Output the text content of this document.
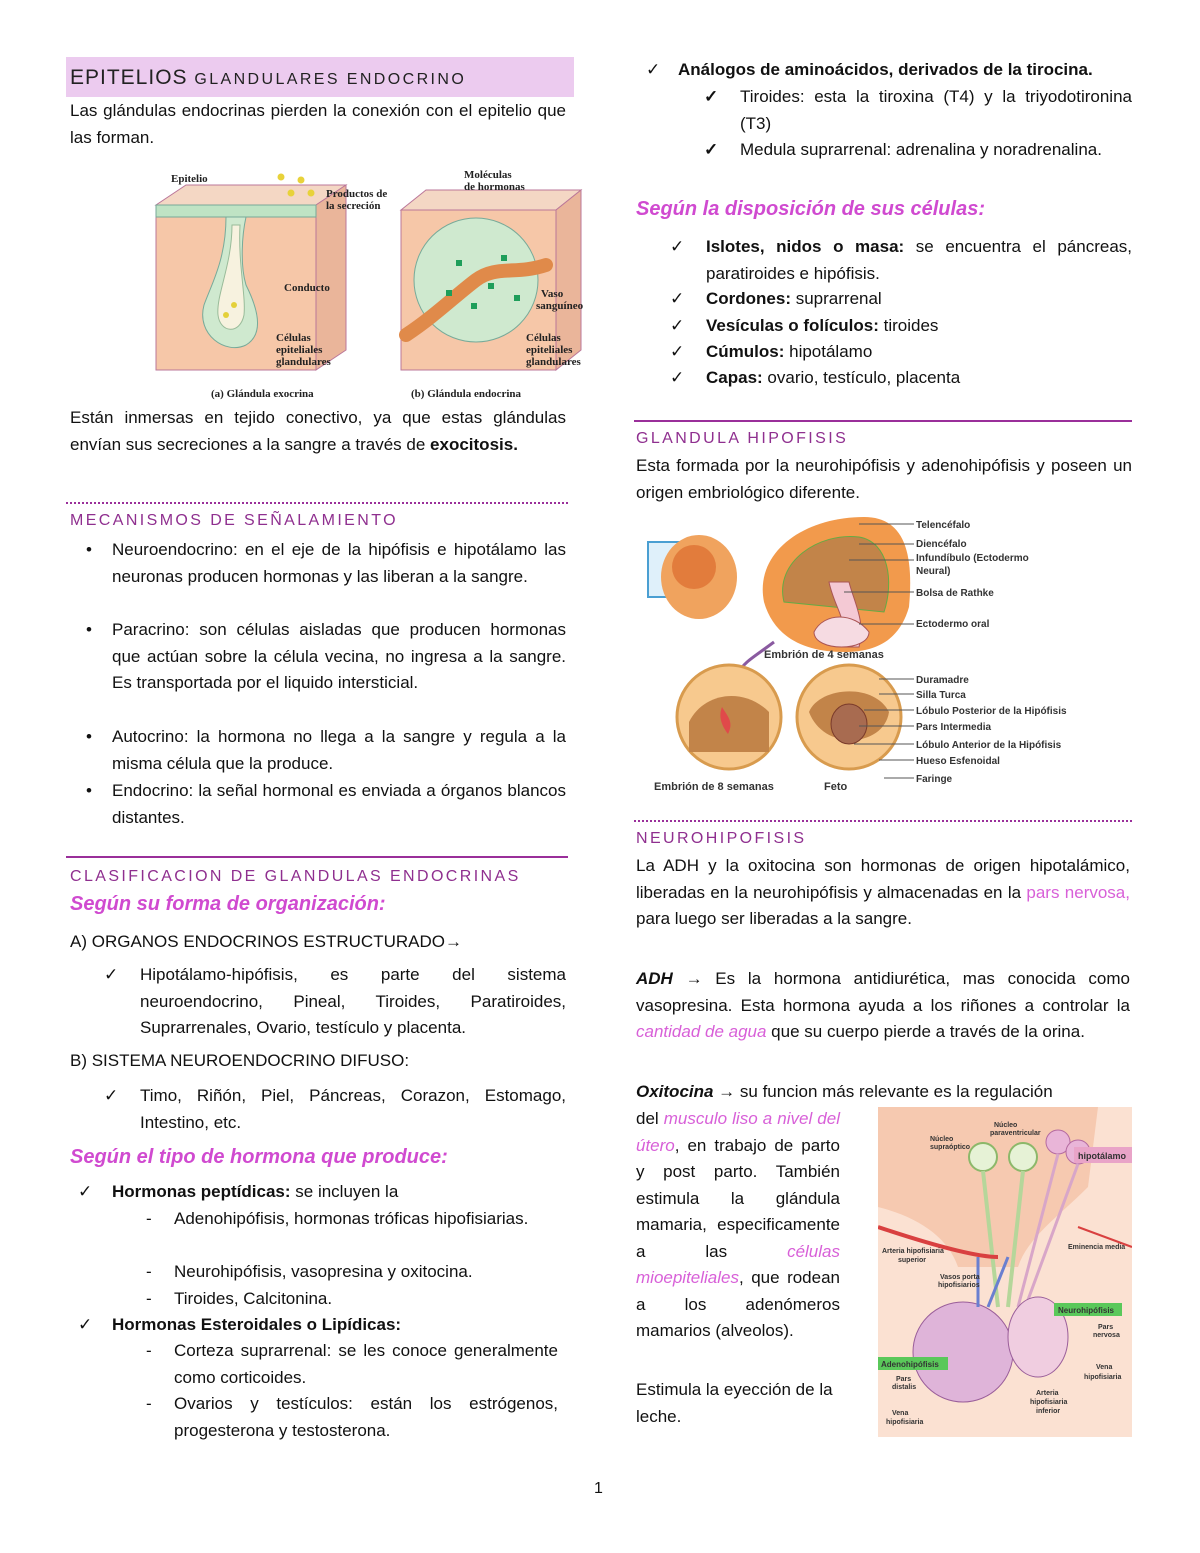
EPITELIOS GLANDULARES ENDOCRINO

Las glándulas endocrinas pierden la conexión con el epitelio que las forman.

Epitelio
Productos de
la secreción
Conducto
Células
epiteliales
glandulares
Moléculas
de hormonas
Vaso
sanguíneo
Células
epiteliales
glandulares
(a) Glándula exocrina	(b) Glándula endocrina

Están inmersas en tejido conectivo, ya que estas glándulas envían sus secreciones a la sangre a través de exocitosis.

MECANISMOS DE SEÑALAMIENTO
• Neuroendocrino: en el eje de la hipófisis e hipotálamo las neuronas producen hormonas y las liberan a la sangre.

• Paracrino: son células aisladas que producen hormonas que actúan sobre la célula vecina, no ingresa a la sangre. Es transportada por el liquido intersticial.

• Autocrino: la hormona no llega a la sangre y regula a la misma célula que la produce.

• Endocrino: la señal hormonal es enviada a órganos blancos distantes.

CLASIFICACION DE GLANDULAS ENDOCRINAS
Según su forma de organización:

A) ORGANOS ENDOCRINOS ESTRUCTURADO→

✓ Hipotálamo-hipófisis, es parte del sistema neuroendocrino, Pineal, Tiroides, Paratiroides, Suprarrenales, Ovario, testículo y placenta.

B) SISTEMA NEUROENDOCRINO DIFUSO:

✓ Timo, Riñón, Piel, Páncreas, Corazon, Estomago, Intestino, etc.

Según el tipo de hormona que produce:
✓ Hormonas peptídicas: se incluyen la

- Adenohipófisis, hormonas tróficas hipofisiarias.

- Neurohipófisis, vasopresina y oxitocina.

- Tiroides, Calcitonina.

✓ Hormonas Esteroidales o Lipídicas:

- Corteza suprarrenal: se les conoce generalmente como corticoides.

- Ovarios y testículos: están los estrógenos, progesterona y testosterona.

✓ Análogos de aminoácidos, derivados de la tirocina.

✓ Tiroides: esta la tiroxina (T4) y la triyodotironina (T3)

✓ Medula suprarrenal: adrenalina y noradrenalina.

Según la disposición de sus células:
✓ Islotes, nidos o masa: se encuentra el páncreas, paratiroides e hipófisis.

✓ Cordones: suprarrenal

✓ Vesículas o folículos: tiroides

✓ Cúmulos: hipotálamo

✓ Capas: ovario, testículo, placenta

GLANDULA HIPOFISIS

Esta formada por la neurohipófisis y adenohipófisis y poseen un origen embriológico diferente.

Telencéfalo
Diencéfalo
Infundíbulo (Ectodermo
Neural)
Bolsa de Rathke
Ectodermo oral
Embrión de 4 semanas
Duramadre
Silla Turca
Lóbulo Posterior de la Hipófisis
Pars Intermedia
Lóbulo Anterior de la Hipófisis
Hueso Esfenoidal
Faringe
Embrión de 8 semanas	Feto
NEUROHIPOFISIS

La ADH y la oxitocina son hormonas de origen hipotalámico, liberadas en la neurohipófisis y almacenadas en la pars nervosa, para luego ser liberadas a la sangre.

ADH → Es la hormona antidiurética, mas conocida como vasopresina. Esta hormona ayuda a los riñones a controlar la cantidad de agua que su cuerpo pierde a través de la orina.

Oxitocina → su funcion más relevante es la regulación

del musculo liso a nivel del útero, en trabajo de parto y post parto. También estimula la glándula mamaria, especificamente a las células mioepiteliales, que rodean a los adenómeros mamarios (alveolos).

Estimula la eyección de la leche.

Núcleo
paraventricular
Núcleo
supraóptico
hipotálamo
Arteria hipofisiaria
superior
Eminencia media
Vasos porta
hipofisiarios
Neurohipófisis
Pars
nervosa
Adenohipófisis
Pars
distalis
Vena
hipofisiaria
Arteria
hipofisiaria
inferior
Vena
hipofisiaria
1
